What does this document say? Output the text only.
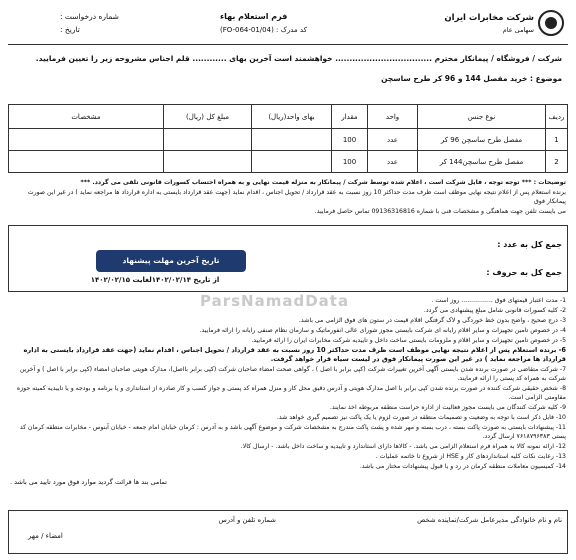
شرکت مخابرات ایران
سهامی عام
فرم استعلام بهاء
کد مدرک : (FO-064-01/04)
شماره درخواست :
تاریخ :
شرکت / فروشگاه / پیمانکار محترم .................................. خواهشمند است آخرین بهای ............ قلم اجناس مشروحه زیر را تعیین فرمایید.
موضوع : خرید مفصل 144 و 96 کر طرح ساسچن
ردیف	نوع جنس	واحد	مقدار	بهای واحد(ریال)	مبلغ کل (ریال)	مشخصات
1	مفصل طرح ساسچن 96 کر	عدد	100			
2	مفصل طرح ساسچن144 کر	عدد	100			
توضیحات : *** توجه توجه ، فایل شرکت است ، اعلام شده توسط شرکت / پیمانکار به منزله قیمت نهایی و به همراه احتساب کسورات قانونی تلقی می گردد. ***
برنده استعلام پس از اعلام نتیجه نهایی موظف است ظرف مدت حداکثر 10 روز نسبت به عقد قرارداد / تحویل اجناس ، اقدام نماید (جهت عقد قرارداد بایستی به اداره قرارداد ها مراجعه نماید ) در غیر این صورت پیمانکار فوق
می بایست تلفن جهت هماهنگی و مشخصات فنی با شماره 09136316816 تماس حاصل فرمایید.
جمع کل به عدد :
جمع کل به حروف :
تاریخ آخرین مهلت پیشنهاد
از تاریخ ۱۴۰۲/۰۲/۱۴لغایت ۱۴۰۲/۰۲/۱۵
ParsNamadData	1- مدت اعتبار قیمتهای فوق ................ روز است .
2- کلیه کسورات قانونی شامل مبلغ پیشنهادی می گردد.
3- درج صحیح ، واضح بدون خط خوردگی و لاک گرفتگی اقلام قیمت در ستون های فوق الزامی می باشد.
4- در خصوص تامین تجهیزات و سایر اقلام رایانه ای شرکت بایستی مجوز شورای عالی انفورماتیک و سازمان نظام صنفی رایانه را ارائه فرمایید.
5- در خصوص تامین تجهیزات و سایر اقلام و ملزومات بایستی ساخت داخل و تاییدیه شرکت مخابرات ایران را ارائه فرمایید.
6- برنده استعلام پس از اعلام نتیجه نهایی موظف است ظرف مدت حداکثر 10 روز نسبت به عقد قرارداد / تحویل اجناس ، اقدام نماید (جهت عقد قرارداد بایستی به اداره قرارداد ها مراجعه نماید ) در غیر این صورت پیمانکار فوق در لیست سیاه قرار خواهد گرفت.
7- شرکت متقاضی در صورت برنده شدن بایستی آگهی آخرین تغییرات شرکت (کپی برابر با اصل ) ، گواهی صحت امضاء صاحبان شرکت (کپی برابر بااصل)، مدارک هویتی صاحبان امضاء (کپی برابر با اصل ) و آخرین شرکت به همراه کد پستی را ارائه فرمایند.
8- شخص حقیقی شرکت کننده در صورت برنده شدن کپی برابر با اصل مدارک هویتی و آدرس دقیق محل کار و منزل همراه کد پستی و جواز کسب و کار صادره از استانداری و یا برنامه و بودجه و یا تاییدیه کمیته حوزه مقاومتی الزامی است.
9- کلیه شرکت کنندگان می بایست مجوز فعالیت از اداره حراست منطقه مربوطه اخذ نمایند.
10- فایل ذکر است با توجه به وضعیت و تصمیمات منطقه در صورت لزوم یا یک پاکت نیز تصمیم گیری خواهد شد.
11- پیشنهادات بایستی به صورت پاکت بسته ، درب بسته و مهر شده و پشت پاکت مندرج به مشخصات شرکت و موضوع آگهی باشد و به آدرس : کرمان خیابان امام جمعه - خیابان آبنوس - مخابرات منطقه کرمان کد پستی ۷۶۱۸۷۹۶۳۸۳ ارسال گردد.
12- ارائه نمونه کالا به همراه فرم استعلام الزامی می باشد. - کالاها دارای استاندارد و تاییدیه و ساخت داخل باشد. - ارسال کالا.
13- رعایت نکات کلیه استانداردهای کار و HSE از شروع تا خاتمه عملیات .
14- کمیسیون معاملات منطقه کرمان در رد و یا قبول پیشنهادات مختار می باشد.
تمامی بند ها قرائت گردید موارد فوق مورد تایید می باشد .
نام و نام خانوادگی مدیرعامل شرکت/نماینده شخص
شماره تلفن و آدرس
امضاء / مهر
